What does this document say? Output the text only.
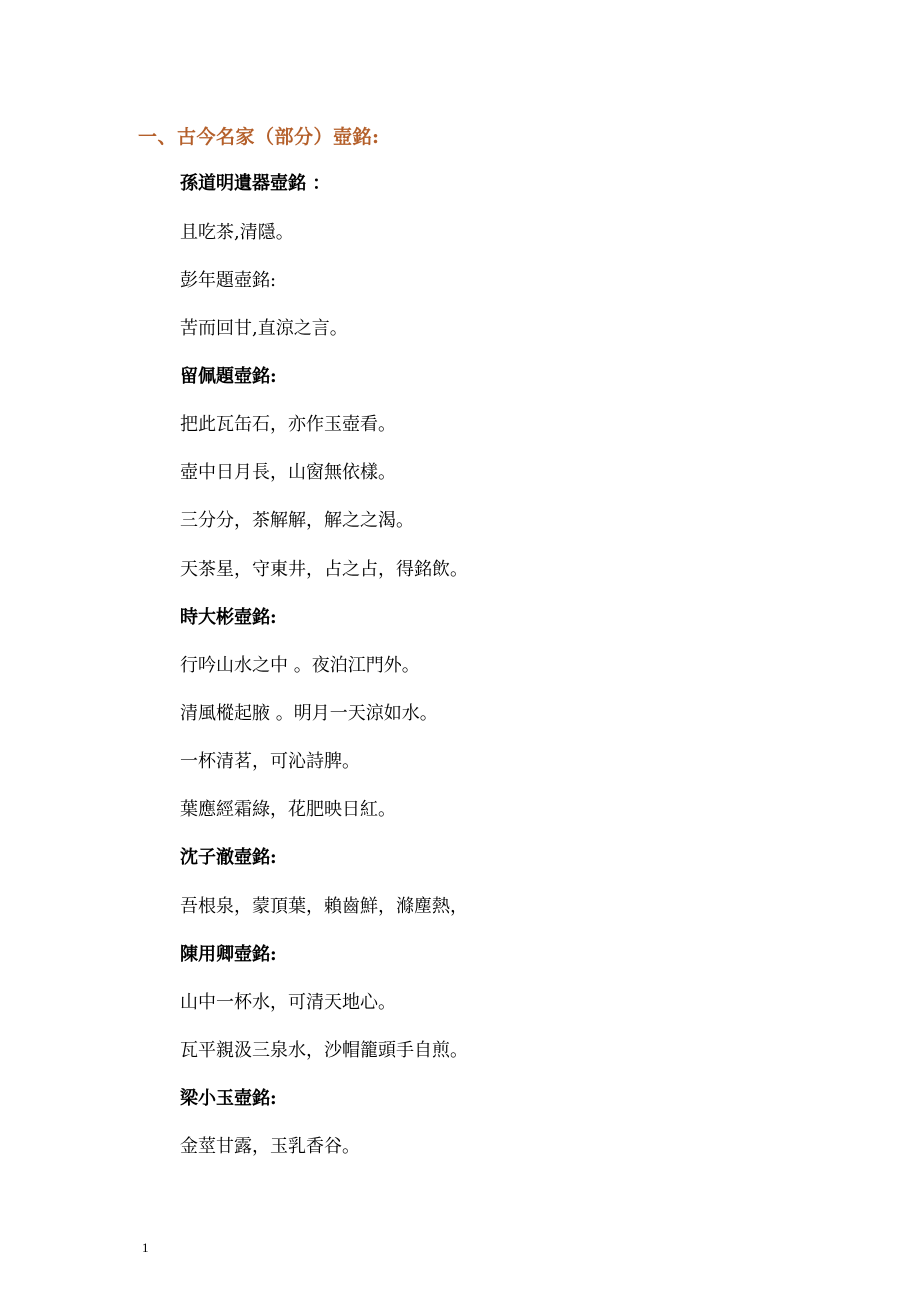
一、古今名家（部分）壺銘:
孫道明遺器壺銘 ：
且吃茶,清隱。
彭年題壺銘:
苦而回甘,直涼之言。
留佩題壺銘:
把此瓦缶石，亦作玉壺看。
壺中日月長，山窗無依樣。
三分分，茶解解，解之之渴。
天茶星，守東井，占之占，得銘飲。
時大彬壺銘:
行吟山水之中 。夜泊江門外。
清風樅起腋 。明月一天涼如水。
一杯清茗，可沁詩脾。
葉應經霜綠，花肥映日紅。
沈子澈壺銘:
吾根泉，蒙頂葉，賴齒鮮，滌塵熱，
陳用卿壺銘:
山中一杯水，可清天地心。
瓦平親汲三泉水，沙帽籠頭手自煎。
梁小玉壺銘:
金莖甘露，玉乳香谷。
1
